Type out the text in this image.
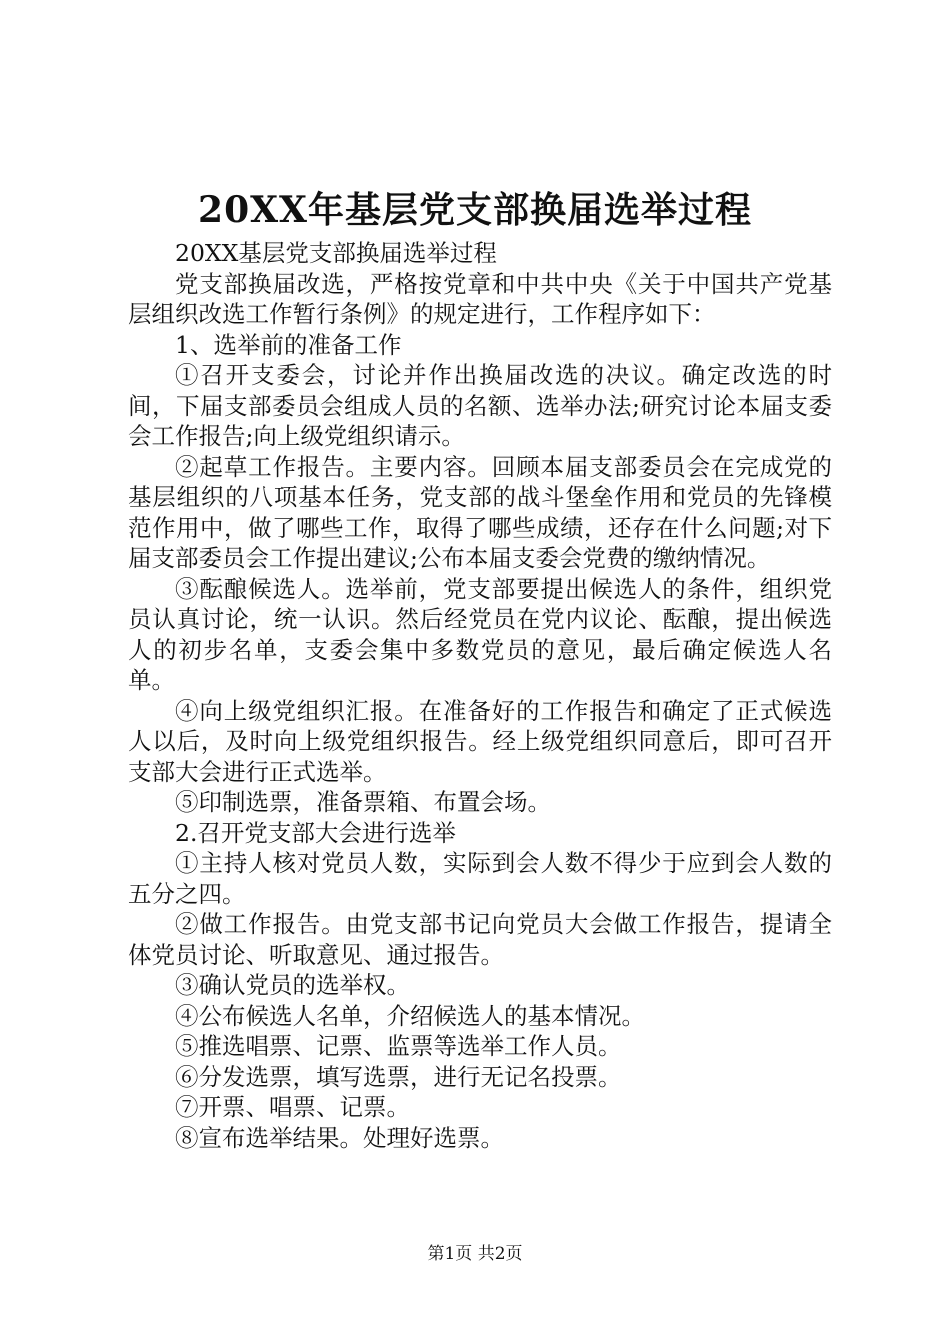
20XX年基层党支部换届选举过程

20XX基层党支部换届选举过程

党支部换届改选，严格按党章和中共中央《关于中国共产党基层组织改选工作暂行条例》的规定进行，工作程序如下：

1、选举前的准备工作

①召开支委会，讨论并作出换届改选的决议。确定改选的时间，下届支部委员会组成人员的名额、选举办法;研究讨论本届支委会工作报告;向上级党组织请示。

②起草工作报告。主要内容。回顾本届支部委员会在完成党的基层组织的八项基本任务，党支部的战斗堡垒作用和党员的先锋模范作用中，做了哪些工作，取得了哪些成绩，还存在什么问题;对下届支部委员会工作提出建议;公布本届支委会党费的缴纳情况。

③酝酿候选人。选举前，党支部要提出候选人的条件，组织党员认真讨论，统一认识。然后经党员在党内议论、酝酿，提出候选人的初步名单，支委会集中多数党员的意见，最后确定候选人名单。

④向上级党组织汇报。在准备好的工作报告和确定了正式候选人以后，及时向上级党组织报告。经上级党组织同意后，即可召开支部大会进行正式选举。

⑤印制选票，准备票箱、布置会场。

2.召开党支部大会进行选举

①主持人核对党员人数，实际到会人数不得少于应到会人数的五分之四。

②做工作报告。由党支部书记向党员大会做工作报告，提请全体党员讨论、听取意见、通过报告。

③确认党员的选举权。

④公布候选人名单，介绍候选人的基本情况。

⑤推选唱票、记票、监票等选举工作人员。

⑥分发选票，填写选票，进行无记名投票。

⑦开票、唱票、记票。

⑧宣布选举结果。处理好选票。

第1页 共2页
